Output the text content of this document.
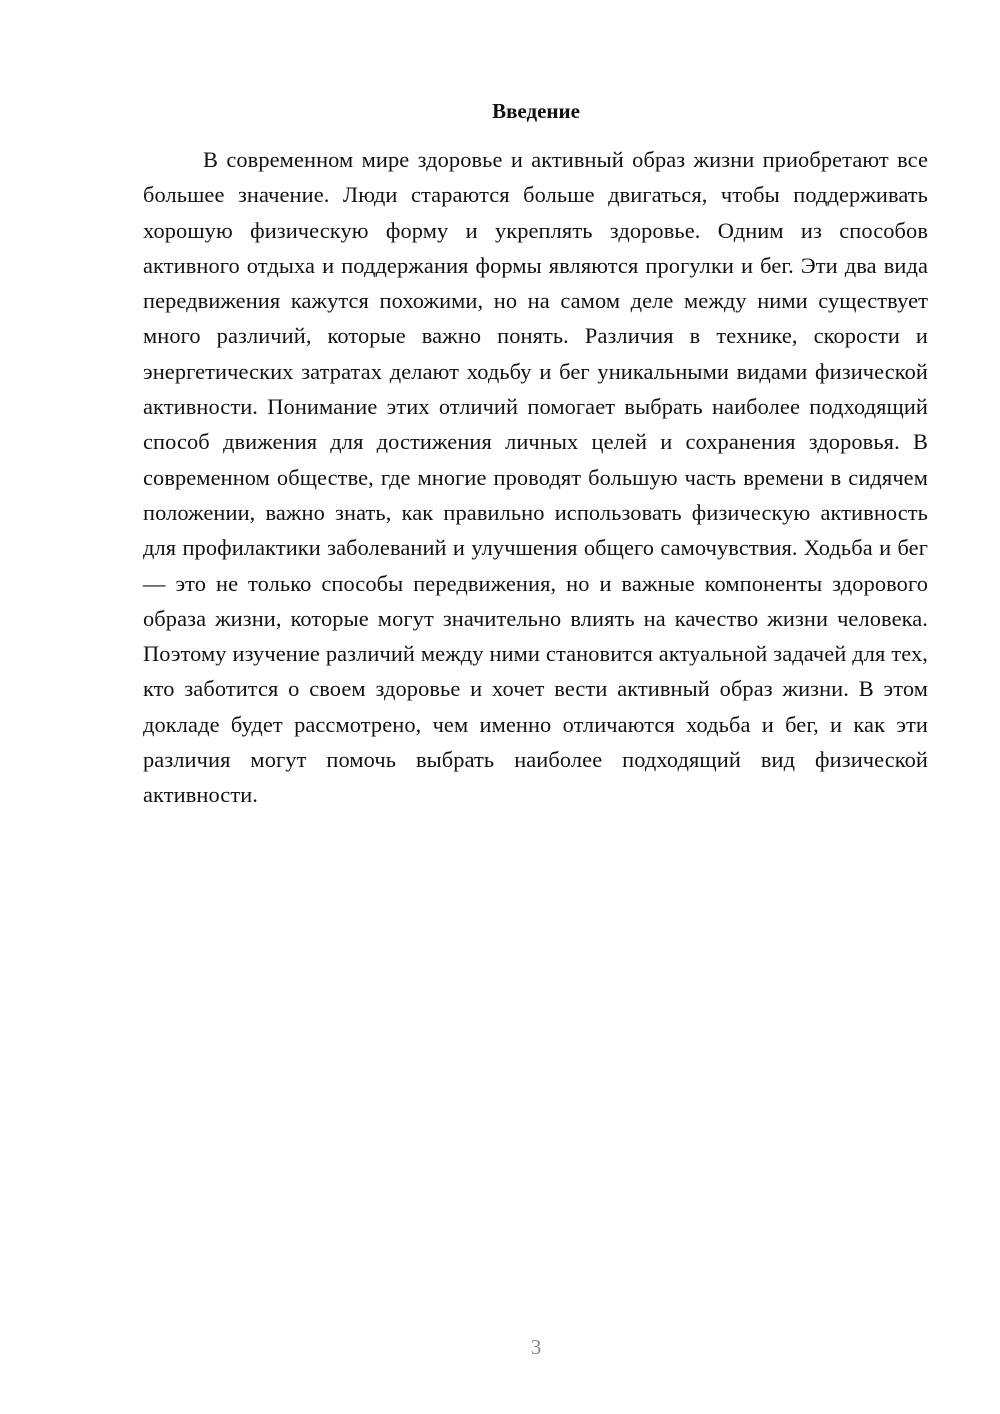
Введение

В современном мире здоровье и активный образ жизни приобретают все большее значение. Люди стараются больше двигаться, чтобы поддерживать хорошую физическую форму и укреплять здоровье. Одним из способов активного отдыха и поддержания формы являются прогулки и бег. Эти два вида передвижения кажутся похожими, но на самом деле между ними существует много различий, которые важно понять. Различия в технике, скорости и энергетических затратах делают ходьбу и бег уникальными видами физической активности. Понимание этих отличий помогает выбрать наиболее подходящий способ движения для достижения личных целей и сохранения здоровья. В современном обществе, где многие проводят большую часть времени в сидячем положении, важно знать, как правильно использовать физическую активность для профилактики заболеваний и улучшения общего самочувствия. Ходьба и бег — это не только способы передвижения, но и важные компоненты здорового образа жизни, которые могут значительно влиять на качество жизни человека. Поэтому изучение различий между ними становится актуальной задачей для тех, кто заботится о своем здоровье и хочет вести активный образ жизни. В этом докладе будет рассмотрено, чем именно отличаются ходьба и бег, и как эти различия могут помочь выбрать наиболее подходящий вид физической активности.

3
